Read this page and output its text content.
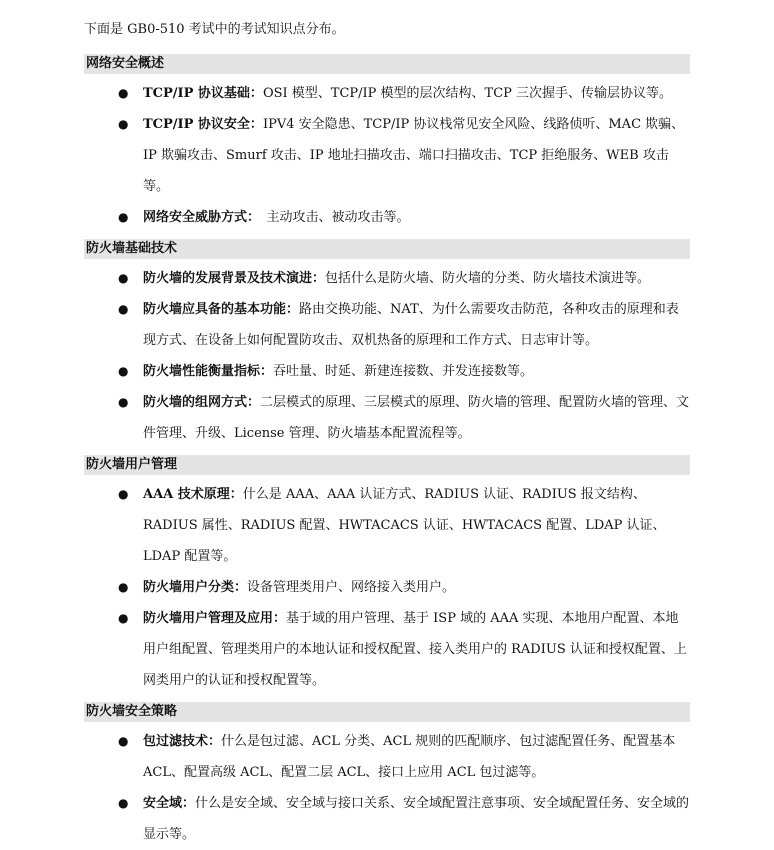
下面是 GB0-510 考试中的考试知识点分布。

网络安全概述
● TCP/IP 协议基础：OSI 模型、TCP/IP 模型的层次结构、TCP 三次握手、传输层协议等。
● TCP/IP 协议安全：IPV4 安全隐患、TCP/IP 协议栈常见安全风险、线路侦听、MAC 欺骗、IP 欺骗攻击、Smurf 攻击、IP 地址扫描攻击、端口扫描攻击、TCP 拒绝服务、WEB 攻击等。
● 网络安全威胁方式：　主动攻击、被动攻击等。
防火墙基础技术
● 防火墙的发展背景及技术演进：包括什么是防火墙、防火墙的分类、防火墙技术演进等。
● 防火墙应具备的基本功能：路由交换功能、NAT、为什么需要攻击防范，各种攻击的原理和表现方式、在设备上如何配置防攻击、双机热备的原理和工作方式、日志审计等。
● 防火墙性能衡量指标：吞吐量、时延、新建连接数、并发连接数等。
● 防火墙的组网方式：二层模式的原理、三层模式的原理、防火墙的管理、配置防火墙的管理、文件管理、升级、License 管理、防火墙基本配置流程等。
防火墙用户管理
● AAA 技术原理：什么是 AAA、AAA 认证方式、RADIUS 认证、RADIUS 报文结构、RADIUS 属性、RADIUS 配置、HWTACACS 认证、HWTACACS 配置、LDAP 认证、LDAP 配置等。
● 防火墙用户分类：设备管理类用户、网络接入类用户。
● 防火墙用户管理及应用：基于域的用户管理、基于 ISP 域的 AAA 实现、本地用户配置、本地用户组配置、管理类用户的本地认证和授权配置、接入类用户的 RADIUS 认证和授权配置、上网类用户的认证和授权配置等。
防火墙安全策略
● 包过滤技术：什么是包过滤、ACL 分类、ACL 规则的匹配顺序、包过滤配置任务、配置基本 ACL、配置高级 ACL、配置二层 ACL、接口上应用 ACL 包过滤等。
● 安全域：什么是安全域、安全域与接口关系、安全域配置注意事项、安全域配置任务、安全域的显示等。
